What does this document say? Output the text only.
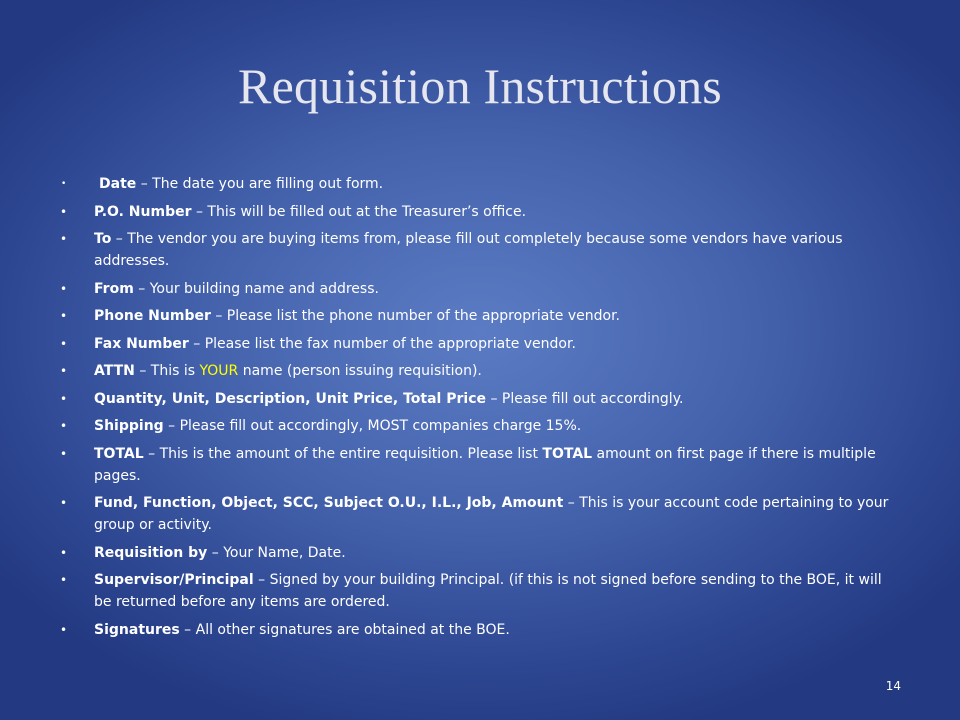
Requisition Instructions
•	Date – The date you are filling out form.
• P.O. Number – This will be filled out at the Treasurer’s office.
• To – The vendor you are buying items from, please fill out completely because some vendors have various addresses.
• From – Your building name and address.
• Phone Number – Please list the phone number of the appropriate vendor.
• Fax Number – Please list the fax number of the appropriate vendor.
• ATTN – This is YOUR name (person issuing requisition).
• Quantity, Unit, Description, Unit Price, Total Price – Please fill out accordingly.
• Shipping – Please fill out accordingly, MOST companies charge 15%.
• TOTAL – This is the amount of the entire requisition. Please list TOTAL amount on first page if there is multiple pages.
• Fund, Function, Object, SCC, Subject O.U., I.L., Job, Amount – This is your account code pertaining to your group or activity.
• Requisition by – Your Name, Date.
• Supervisor/Principal – Signed by your building Principal. (if this is not signed before sending to the BOE, it will be returned before any items are ordered.
• Signatures – All other signatures are obtained at the BOE.
14
